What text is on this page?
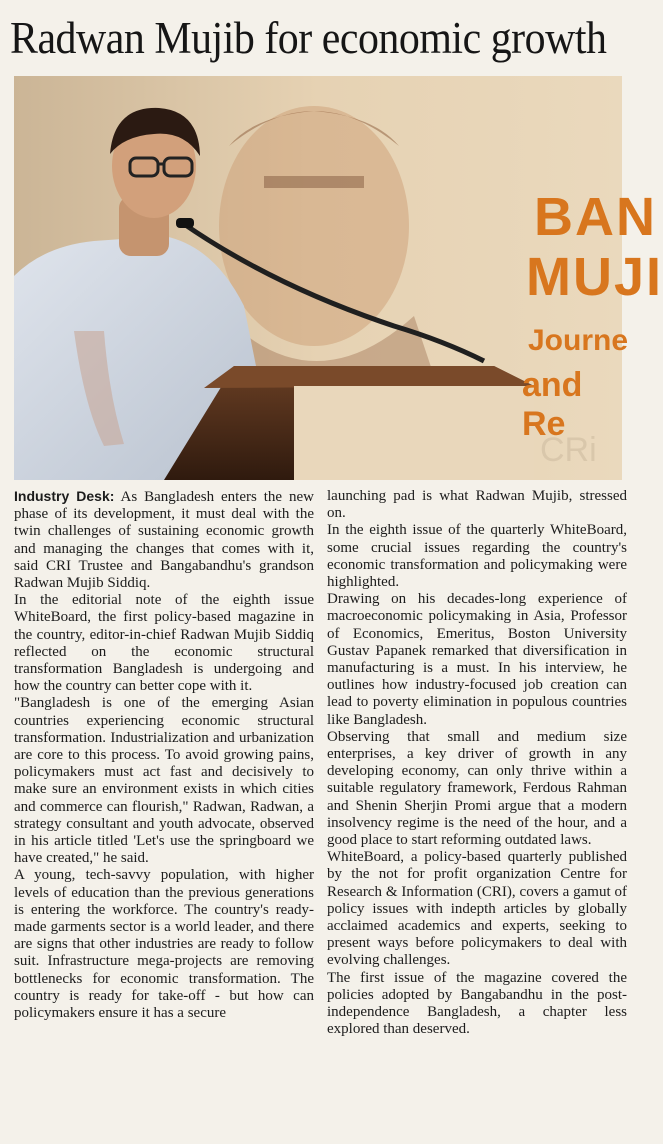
Radwan Mujib for economic growth
BAN
MUJI
Journe
and Re
CRi

Industry Desk: As Bangladesh enters the new phase of its development, it must deal with the twin challenges of sustaining economic growth and managing the changes that comes with it, said CRI Trustee and Bangabandhu's grandson Radwan Mujib Siddiq.

In the editorial note of the eighth issue WhiteBoard, the first policy-based magazine in the country, editor-in-chief Radwan Mujib Siddiq reflected on the economic structural transformation Bangladesh is undergoing and how the country can better cope with it.

"Bangladesh is one of the emerging Asian countries experiencing economic structural transformation. Industrialization and urbanization are core to this process. To avoid growing pains, policymakers must act fast and decisively to make sure an environment exists in which cities and commerce can flourish," Radwan, Radwan, a strategy consultant and youth advocate, observed in his article titled 'Let's use the springboard we have created," he said.

A young, tech-savvy population, with higher levels of education than the previous generations is entering the workforce. The country's ready-made garments sector is a world leader, and there are signs that other industries are ready to follow suit. Infrastructure mega-projects are removing bottlenecks for economic transformation. The country is ready for take-off - but how can policymakers ensure it has a secure

launching pad is what Radwan Mujib, stressed on.

In the eighth issue of the quarterly WhiteBoard, some crucial issues regarding the country's economic transformation and policymaking were highlighted.

Drawing on his decades-long experience of macroeconomic policymaking in Asia, Professor of Economics, Emeritus, Boston University Gustav Papanek remarked that diversification in manufacturing is a must. In his interview, he outlines how industry-focused job creation can lead to poverty elimination in populous countries like Bangladesh.

Observing that small and medium size enterprises, a key driver of growth in any developing economy, can only thrive within a suitable regulatory framework, Ferdous Rahman and Shenin Sherjin Promi argue that a modern insolvency regime is the need of the hour, and a good place to start reforming outdated laws.

WhiteBoard, a policy-based quarterly published by the not for profit organization Centre for Research & Information (CRI), covers a gamut of policy issues with indepth articles by globally acclaimed academics and experts, seeking to present ways before policymakers to deal with evolving challenges.

The first issue of the magazine covered the policies adopted by Bangabandhu in the post-independence Bangladesh, a chapter less explored than deserved.
